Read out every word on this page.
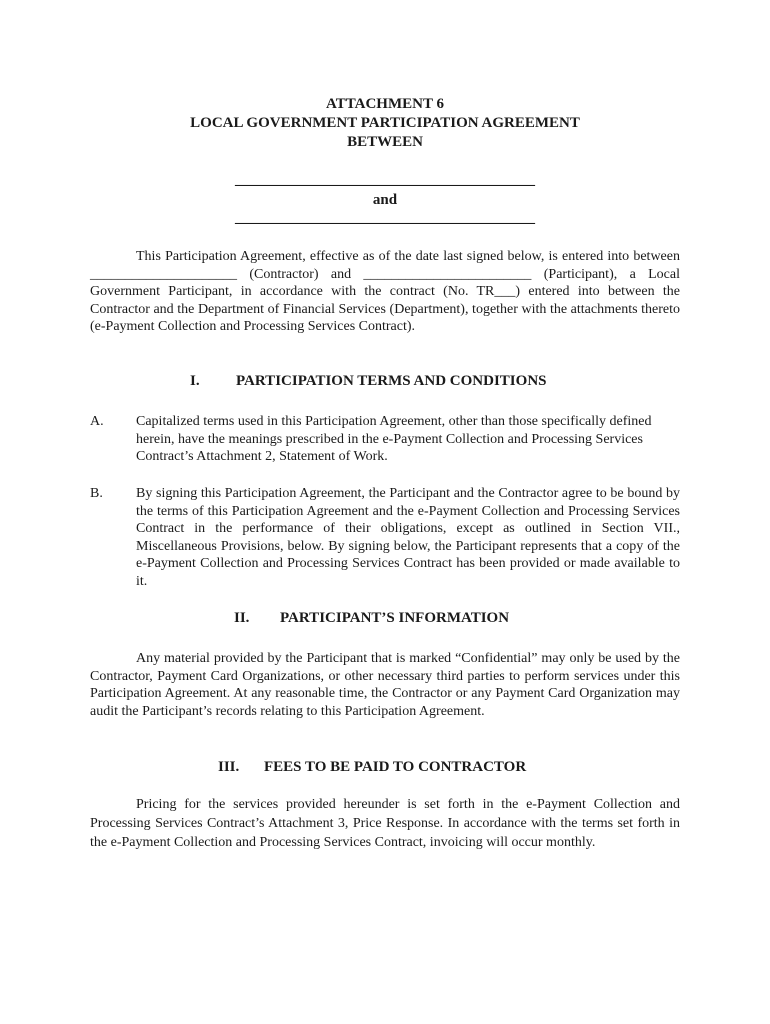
ATTACHMENT 6
LOCAL GOVERNMENT PARTICIPATION AGREEMENT
BETWEEN
________________________________________
and
________________________________________
This Participation Agreement, effective as of the date last signed below, is entered into between _____________________ (Contractor) and ________________________ (Participant), a Local Government Participant, in accordance with the contract (No. TR___) entered into between the Contractor and the Department of Financial Services (Department), together with the attachments thereto (e-Payment Collection and Processing Services Contract).
I. PARTICIPATION TERMS AND CONDITIONS
A. Capitalized terms used in this Participation Agreement, other than those specifically defined herein, have the meanings prescribed in the e-Payment Collection and Processing Services Contract’s Attachment 2, Statement of Work.
B. By signing this Participation Agreement, the Participant and the Contractor agree to be bound by the terms of this Participation Agreement and the e-Payment Collection and Processing Services Contract in the performance of their obligations, except as outlined in Section VII., Miscellaneous Provisions, below. By signing below, the Participant represents that a copy of the e-Payment Collection and Processing Services Contract has been provided or made available to it.
II. PARTICIPANT’S INFORMATION
Any material provided by the Participant that is marked “Confidential” may only be used by the Contractor, Payment Card Organizations, or other necessary third parties to perform services under this Participation Agreement. At any reasonable time, the Contractor or any Payment Card Organization may audit the Participant’s records relating to this Participation Agreement.
III. FEES TO BE PAID TO CONTRACTOR
Pricing for the services provided hereunder is set forth in the e-Payment Collection and Processing Services Contract’s Attachment 3, Price Response. In accordance with the terms set forth in the e-Payment Collection and Processing Services Contract, invoicing will occur monthly.
